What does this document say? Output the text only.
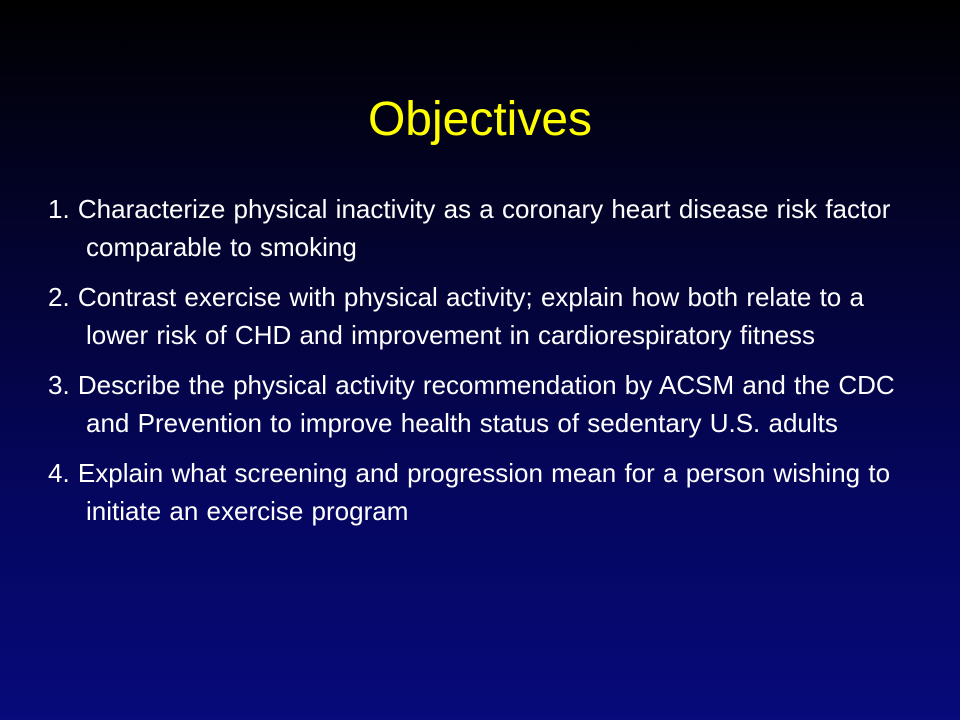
Objectives
1. Characterize physical inactivity as a coronary heart disease risk factor comparable to smoking
2. Contrast exercise with physical activity; explain how both relate to a lower risk of CHD and improvement in cardiorespiratory fitness
3. Describe the physical activity recommendation by ACSM and the CDC and Prevention to improve health status of sedentary U.S. adults
4. Explain what screening and progression mean for a person wishing to initiate an exercise program
